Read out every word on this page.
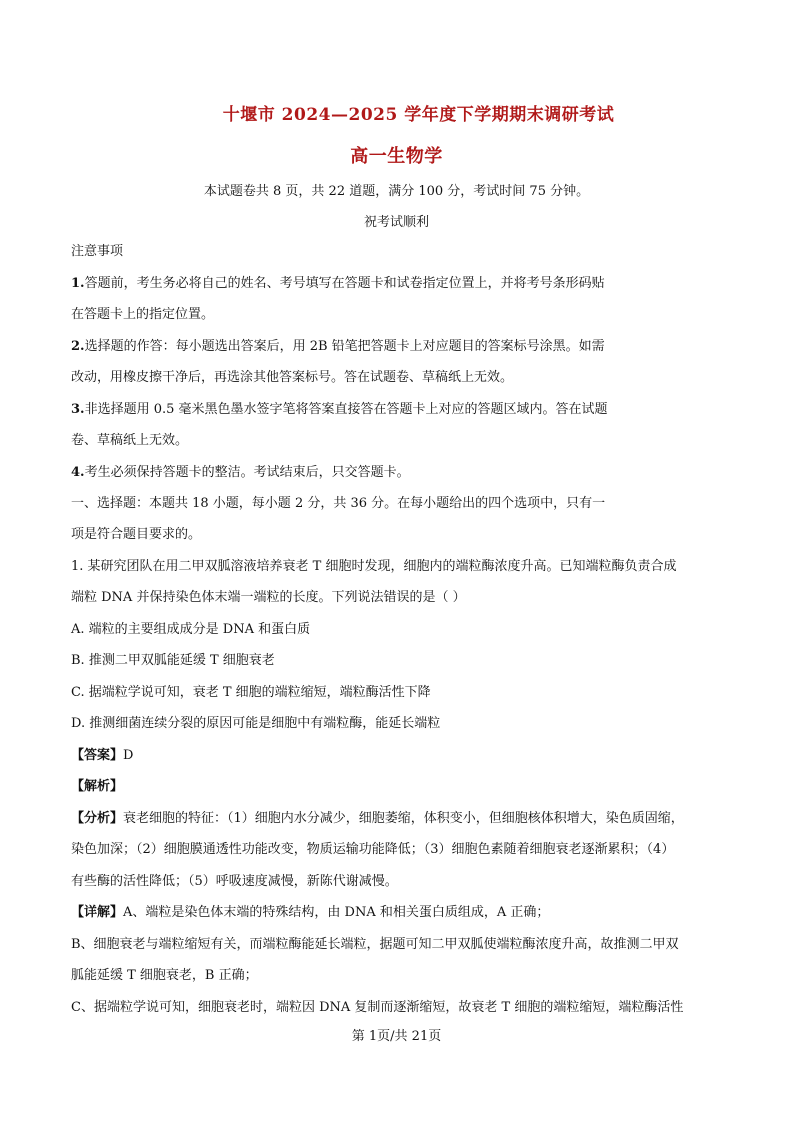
十堰市 2024—2025 学年度下学期期末调研考试
高一生物学
本试题卷共 8 页，共 22 道题，满分 100 分，考试时间 75 分钟。
祝考试顺利
注意事项
1.答题前，考生务必将自己的姓名、考号填写在答题卡和试卷指定位置上，并将考号条形码贴
在答题卡上的指定位置。
2.选择题的作答：每小题选出答案后，用 2B 铅笔把答题卡上对应题目的答案标号涂黑。如需
改动，用橡皮擦干净后，再选涂其他答案标号。答在试题卷、草稿纸上无效。
3.非选择题用 0.5 毫米黑色墨水签字笔将答案直接答在答题卡上对应的答题区域内。答在试题
卷、草稿纸上无效。
4.考生必须保持答题卡的整洁。考试结束后，只交答题卡。
一、选择题：本题共 18 小题，每小题 2 分，共 36 分。在每小题给出的四个选项中，只有一
项是符合题目要求的。
1. 某研究团队在用二甲双胍溶液培养衰老 T 细胞时发现，细胞内的端粒酶浓度升高。已知端粒酶负责合成
端粒 DNA 并保持染色体末端一端粒的长度。下列说法错误的是（ ）
A. 端粒的主要组成成分是 DNA 和蛋白质
B. 推测二甲双胍能延缓 T 细胞衰老
C. 据端粒学说可知，衰老 T 细胞的端粒缩短，端粒酶活性下降
D. 推测细菌连续分裂的原因可能是细胞中有端粒酶，能延长端粒
【答案】D
【解析】
【分析】衰老细胞的特征：（1）细胞内水分减少，细胞萎缩，体积变小，但细胞核体积增大，染色质固缩，
染色加深；（2）细胞膜通透性功能改变，物质运输功能降低；（3）细胞色素随着细胞衰老逐渐累积；（4）
有些酶的活性降低；（5）呼吸速度减慢，新陈代谢减慢。
【详解】A、端粒是染色体末端的特殊结构，由 DNA 和相关蛋白质组成，A 正确；
B、细胞衰老与端粒缩短有关，而端粒酶能延长端粒，据题可知二甲双胍使端粒酶浓度升高，故推测二甲双
胍能延缓 T 细胞衰老，B 正确；
C、据端粒学说可知，细胞衰老时，端粒因 DNA 复制而逐渐缩短，故衰老 T 细胞的端粒缩短，端粒酶活性
第 1页/共 21页
